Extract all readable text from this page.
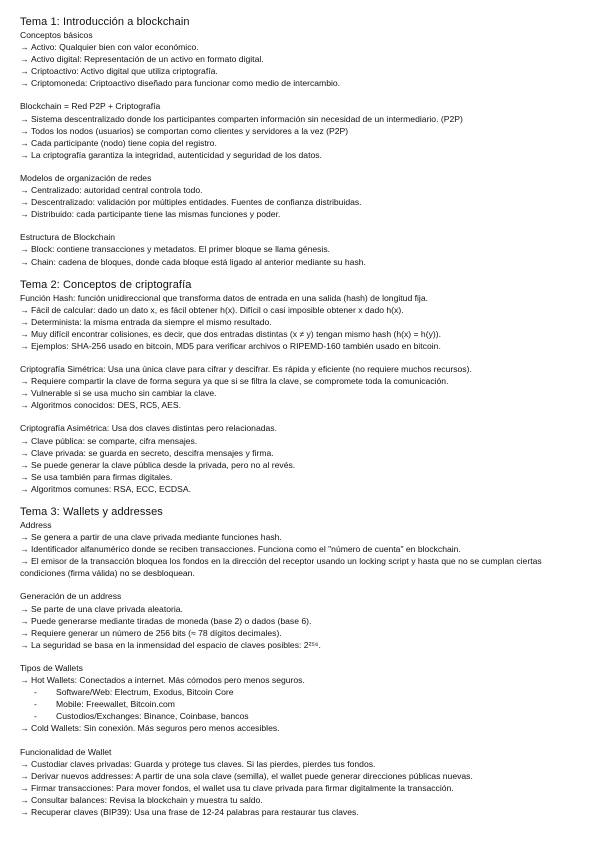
Tema 1: Introducción a blockchain

Conceptos básicos

→ Activo: Qualquier bien con valor económico.

→ Activo digital: Representación de un activo en formato digital.

→ Criptoactivo: Activo digital que utiliza criptografía.

→ Criptomoneda: Criptoactivo diseñado para funcionar como medio de intercambio.

Blockchain = Red P2P + Criptografía

→ Sistema descentralizado donde los participantes comparten información sin necesidad de un intermediario. (P2P)

→ Todos los nodos (usuarios) se comportan como clientes y servidores a la vez (P2P)

→ Cada participante (nodo) tiene copia del registro.

→ La criptografía garantiza la integridad, autenticidad y seguridad de los datos.

Modelos de organización de redes

→ Centralizado: autoridad central controla todo.

→ Descentralizado: validación por múltiples entidades. Fuentes de confianza distribuidas.

→ Distribuido: cada participante tiene las mismas funciones y poder.

Estructura de Blockchain

→ Block: contiene transacciones y metadatos. El primer bloque se llama génesis.

→ Chain: cadena de bloques, donde cada bloque está ligado al anterior mediante su hash.

Tema 2: Conceptos de criptografía

Función Hash: función unidireccional que transforma datos de entrada en una salida (hash) de longitud fija.

→ Fácil de calcular: dado un dato x, es fácil obtener h(x). Difícil o casi imposible obtener x dado h(x).

→ Determinista: la misma entrada da siempre el mismo resultado.

→ Muy difícil encontrar colisiones, es decir, que dos entradas distintas (x ≠ y) tengan mismo hash (h(x) = h(y)).

→ Ejemplos: SHA-256 usado en bitcoin, MD5 para verificar archivos o RIPEMD-160 también usado en bitcoin.

Criptografía Simétrica: Usa una única clave para cifrar y descifrar. Es rápida y eficiente (no requiere muchos recursos).

→ Requiere compartir la clave de forma segura ya que si se filtra la clave, se compromete toda la comunicación.

→ Vulnerable si se usa mucho sin cambiar la clave.

→ Algoritmos conocidos: DES, RC5, AES.

Criptografía Asimétrica: Usa dos claves distintas pero relacionadas.

→ Clave pública: se comparte, cifra mensajes.

→ Clave privada: se guarda en secreto, descifra mensajes y firma.

→ Se puede generar la clave pública desde la privada, pero no al revés.

→ Se usa también para firmas digitales.

→ Algoritmos comunes: RSA, ECC, ECDSA.

Tema 3: Wallets y addresses

Address

→ Se genera a partir de una clave privada mediante funciones hash.

→ Identificador alfanumérico donde se reciben transacciones. Funciona como el "número de cuenta" en blockchain.

→ El emisor de la transacción bloquea los fondos en la dirección del receptor usando un locking script y hasta que no se cumplan ciertas condiciones (firma válida) no se desbloquean.

Generación de un address

→ Se parte de una clave privada aleatoria.

→ Puede generarse mediante tiradas de moneda (base 2) o dados (base 6).

→ Requiere generar un número de 256 bits (≈ 78 dígitos decimales).

→ La seguridad se basa en la inmensidad del espacio de claves posibles: 2²⁵⁶.

Tipos de Wallets

→ Hot Wallets: Conectados a internet. Más cómodos pero menos seguros.

- Software/Web: Electrum, Exodus, Bitcoin Core

- Mobile: Freewallet, Bitcoin.com

- Custodios/Exchanges: Binance, Coinbase, bancos

→ Cold Wallets: Sin conexión. Más seguros pero menos accesibles.

Funcionalidad de Wallet

→ Custodiar claves privadas: Guarda y protege tus claves. Si las pierdes, pierdes tus fondos.

→ Derivar nuevos addresses: A partir de una sola clave (semilla), el wallet puede generar direcciones públicas nuevas.

→ Firmar transacciones: Para mover fondos, el wallet usa tu clave privada para firmar digitalmente la transacción.

→ Consultar balances: Revisa la blockchain y muestra tu saldo.

→ Recuperar claves (BIP39): Usa una frase de 12-24 palabras para restaurar tus claves.
